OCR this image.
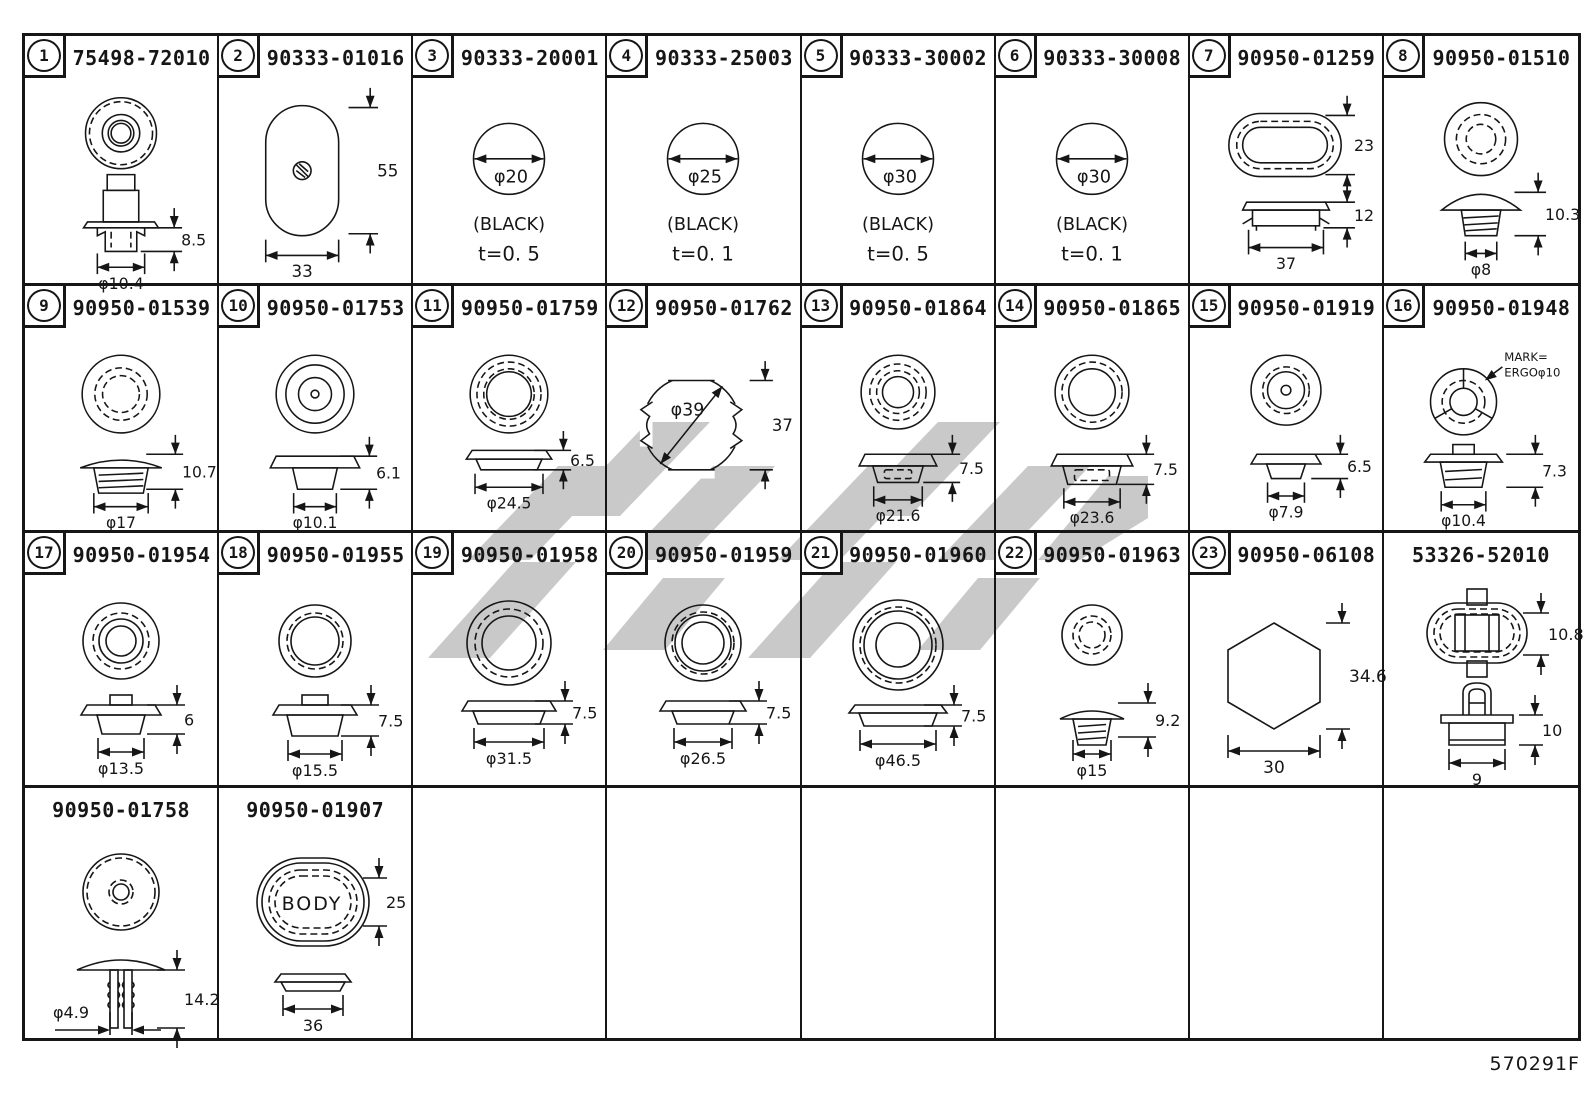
1	75498-72010
8.5
φ10.4
2	90333-01016
55
33
3	90333-20001
φ20
(BLACK)
t=0. 5
4	90333-25003
φ25
(BLACK)
t=0. 1
5	90333-30002
φ30
(BLACK)
t=0. 5
6	90333-30008
φ30
(BLACK)
t=0. 1
7	90950-01259
23
12
37
8	90950-01510
10.3
φ8
9	90950-01539
10.7
φ17
10 90950-01753
6.1
φ10.1
11 90950-01759
6.5
φ24.5
12 90950-01762
φ39
37
13 90950-01864
7.5
φ21.6
14 90950-01865
7.5
φ23.6
15 90950-01919
6.5
φ7.9
16 90950-01948
MARK=
ERGOφ10
7.3
φ10.4
17 90950-01954
6
φ13.5
18 90950-01955
7.5
φ15.5
19 90950-01958
7.5
φ31.5
20 90950-01959
7.5
φ26.5
21 90950-01960
7.5
φ46.5
22 90950-01963
9.2
φ15
23 90950-06108
34.6
30
53326-52010
10.8
10
9
90950-01758
14.2
φ4.9
90950-01907
BODY	25
36
570291F
